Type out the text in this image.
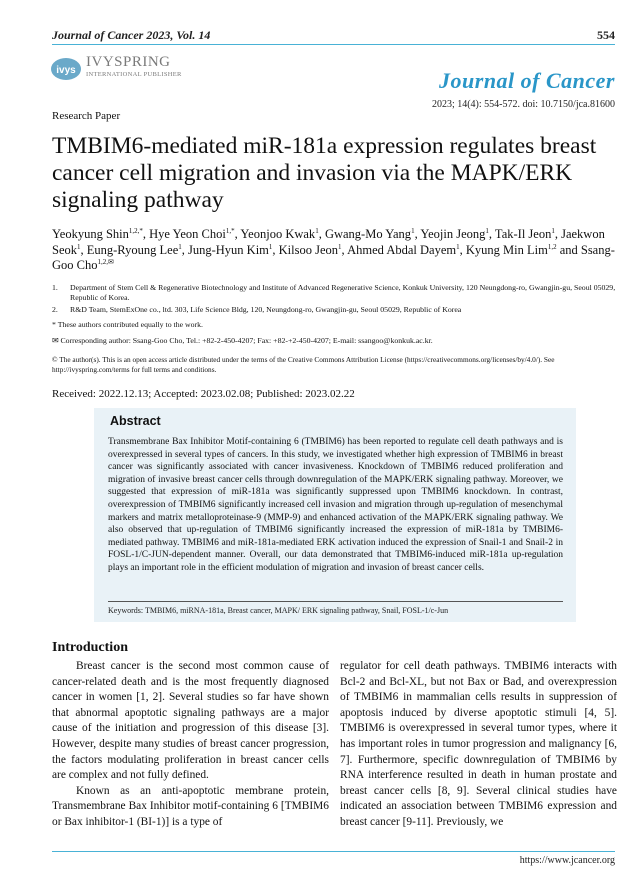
Journal of Cancer 2023, Vol. 14	554
ivys
IVYSPRING
INTERNATIONAL PUBLISHER	Journal of Cancer
2023; 14(4): 554-572. doi: 10.7150/jca.81600
Research Paper
TMBIM6-mediated miR-181a expression regulates breast cancer cell migration and invasion via the MAPK/ERK signaling pathway
Yeokyung Shin$^{1,2,*}$, Hye Yeon Choi$^{1,*}$, Yeonjoo Kwak$^1$, Gwang-Mo Yang$^1$, Yeojin Jeong$^1$, Tak-Il Jeon$^1$, Jaekwon Seok$^1$, Eung-Ryoung Lee$^1$, Jung-Hyun Kim$^1$, Kilsoo Jeon$^1$, Ahmed Abdal Dayem$^1$, Kyung Min Lim$^{1,2}$ and Ssang-Goo Cho$^{1,2,✉}$
1.	Department of Stem Cell & Regenerative Biotechnology and Institute of Advanced Regenerative Science, Konkuk University, 120 Neungdong-ro, Gwangjin-gu, Seoul 05029, Republic of Korea.
2.	R&D Team, StemExOne co., ltd. 303, Life Science Bldg, 120, Neungdong-ro, Gwangjin-gu, Seoul 05029, Republic of Korea
* These authors contributed equally to the work.
✉ Corresponding author: Ssang-Goo Cho, Tel.: +82-2-450-4207; Fax: +82-+2-450-4207; E-mail: ssangoo@konkuk.ac.kr.
© The author(s). This is an open access article distributed under the terms of the Creative Commons Attribution License (https://creativecommons.org/licenses/by/4.0/). See http://ivyspring.com/terms for full terms and conditions.
Received: 2022.12.13; Accepted: 2023.02.08; Published: 2023.02.22
Abstract
Transmembrane Bax Inhibitor Motif-containing 6 (TMBIM6) has been reported to regulate cell death pathways and is overexpressed in several types of cancers. In this study, we investigated whether high expression of TMBIM6 in breast cancer was significantly associated with cancer invasiveness. Knockdown of TMBIM6 reduced proliferation and migration of invasive breast cancer cells through downregulation of the MAPK/ERK signaling pathway. Moreover, we suggested that expression of miR-181a was significantly suppressed upon TMBIM6 knockdown. In contrast, overexpression of TMBIM6 significantly increased cell invasion and migration through up-regulation of mesenchymal markers and matrix metalloproteinase-9 (MMP-9) and enhanced activation of the MAPK/ERK signaling pathway. We also observed that up-regulation of TMBIM6 significantly increased the expression of miR-181a by TMBIM6-mediated pathway. TMBIM6 and miR-181a-mediated ERK activation induced the expression of Snail-1 and Snail-2 in FOSL-1/C-JUN-dependent manner. Overall, our data demonstrated that TMBIM6-induced miR-181a up-regulation plays an important role in the efficient modulation of migration and invasion of breast cancer cells.
Keywords: TMBIM6, miRNA-181a, Breast cancer, MAPK/ ERK signaling pathway, Snail, FOSL-1/c-Jun
Introduction

Breast cancer is the second most common cause of cancer-related death and is the most frequently diagnosed cancer in women [1, 2]. Several studies so far have shown that abnormal apoptotic signaling pathways are a major cause of the initiation and progression of this disease [3]. However, despite many studies of breast cancer progression, the factors modulating proliferation in breast cancer cells are complex and not fully defined.

Known as an anti-apoptotic membrane protein, Transmembrane Bax Inhibitor motif-containing 6 [TMBIM6 or Bax inhibitor-1 (BI-1)] is a type of

regulator for cell death pathways. TMBIM6 interacts with Bcl-2 and Bcl-XL, but not Bax or Bad, and overexpression of TMBIM6 in mammalian cells results in suppression of apoptosis induced by diverse apoptotic stimuli [4, 5]. TMBIM6 is overexpressed in several tumor types, where it has important roles in tumor progression and malignancy [6, 7]. Furthermore, specific downregulation of TMBIM6 by RNA interference resulted in death in human prostate and breast cancer cells [8, 9]. Several clinical studies have indicated an association between TMBIM6 expression and breast cancer [9-11]. Previously, we

https://www.jcancer.org
